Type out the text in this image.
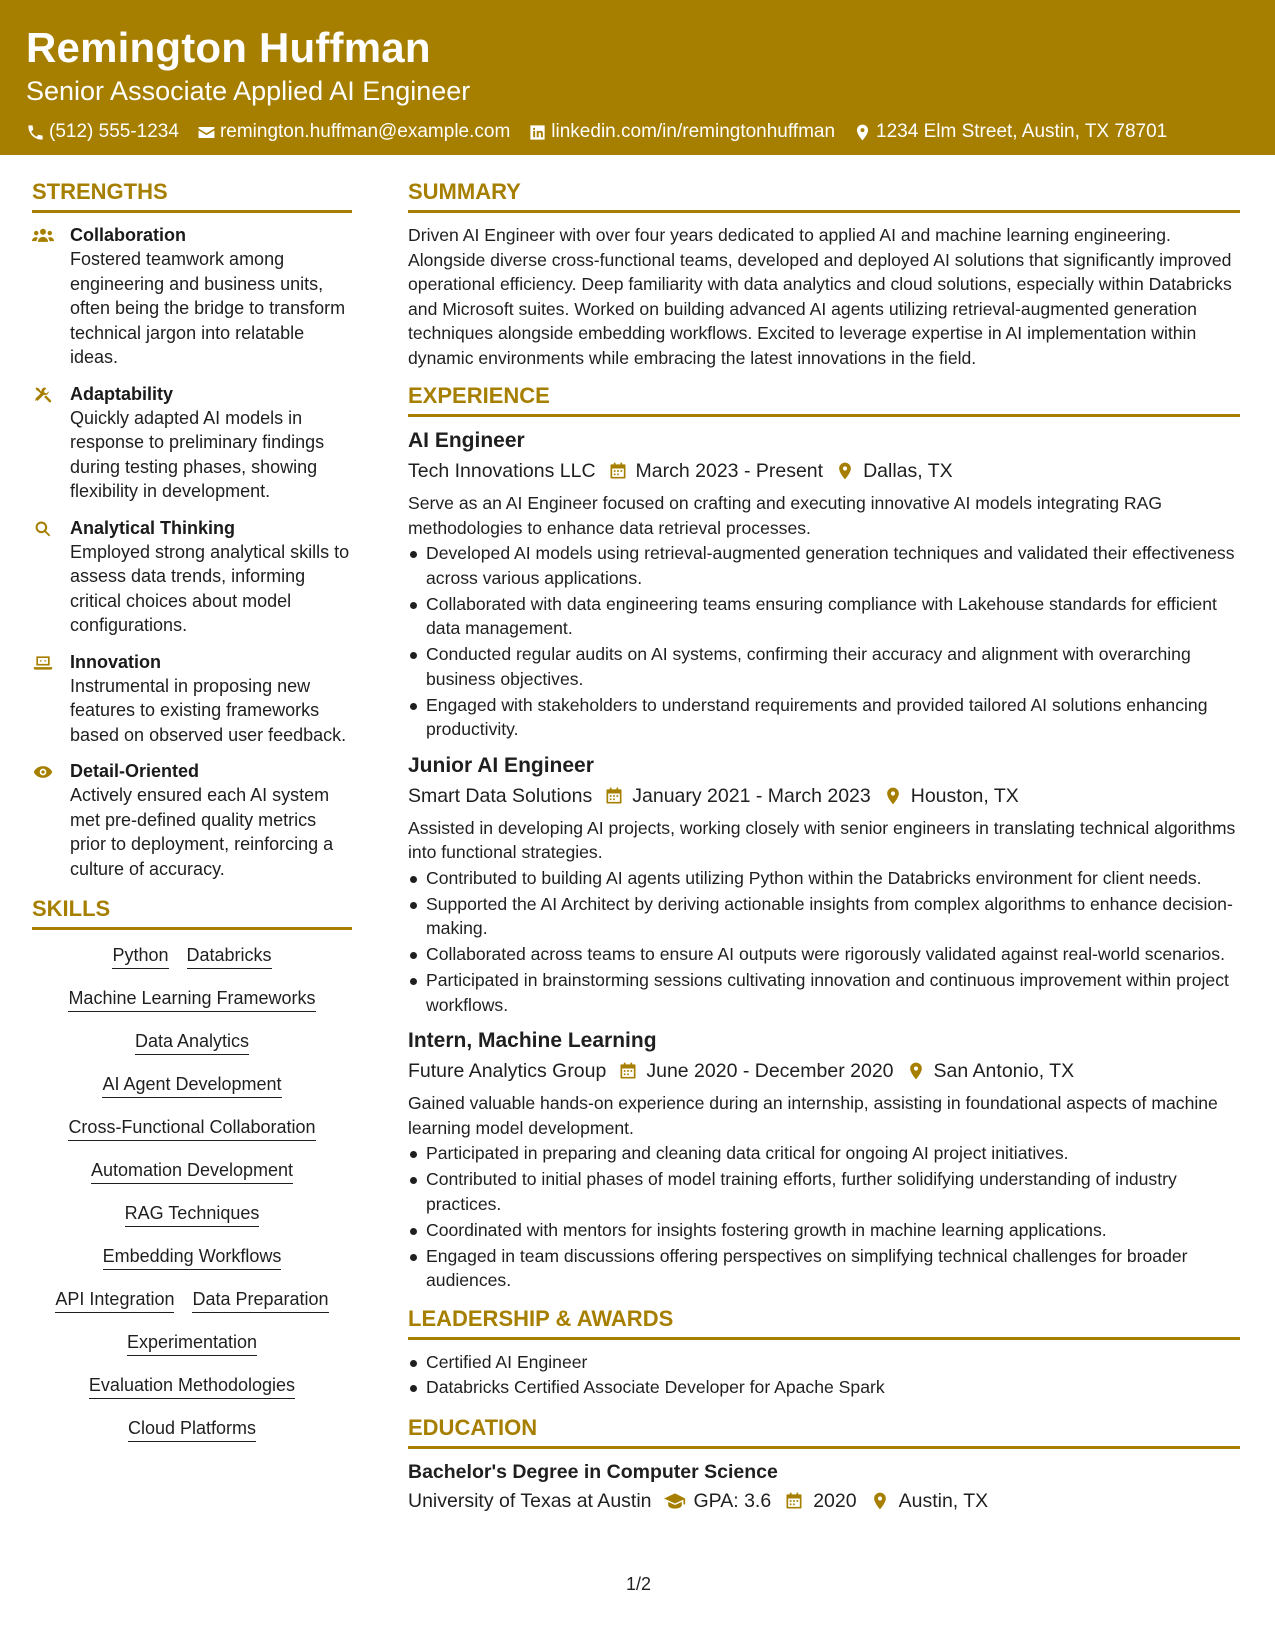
Remington Huffman
Senior Associate Applied AI Engineer
(512) 555-1234 remington.huffman@example.com linkedin.com/in/remingtonhuffman 1234 Elm Street, Austin, TX 78701
STRENGTHS
Collaboration
Fostered teamwork among engineering and business units, often being the bridge to transform technical jargon into relatable ideas.
Adaptability
Quickly adapted AI models in response to preliminary findings during testing phases, showing flexibility in development.
Analytical Thinking
Employed strong analytical skills to assess data trends, informing critical choices about model configurations.
Innovation
Instrumental in proposing new features to existing frameworks based on observed user feedback.
Detail-Oriented
Actively ensured each AI system met pre-defined quality metrics prior to deployment, reinforcing a culture of accuracy.
SKILLS
Python Databricks
Machine Learning Frameworks
Data Analytics
AI Agent Development
Cross-Functional Collaboration
Automation Development
RAG Techniques
Embedding Workflows
API Integration Data Preparation
Experimentation
Evaluation Methodologies
Cloud Platforms
SUMMARY
Driven AI Engineer with over four years dedicated to applied AI and machine learning engineering. Alongside diverse cross-functional teams, developed and deployed AI solutions that significantly improved operational efficiency. Deep familiarity with data analytics and cloud solutions, especially within Databricks and Microsoft suites. Worked on building advanced AI agents utilizing retrieval-augmented generation techniques alongside embedding workflows. Excited to leverage expertise in AI implementation within dynamic environments while embracing the latest innovations in the field.
EXPERIENCE
AI Engineer
Tech Innovations LLC March 2023 - Present Dallas, TX
Serve as an AI Engineer focused on crafting and executing innovative AI models integrating RAG methodologies to enhance data retrieval processes.
Developed AI models using retrieval-augmented generation techniques and validated their effectiveness across various applications.
Collaborated with data engineering teams ensuring compliance with Lakehouse standards for efficient data management.
Conducted regular audits on AI systems, confirming their accuracy and alignment with overarching business objectives.
Engaged with stakeholders to understand requirements and provided tailored AI solutions enhancing productivity.
Junior AI Engineer
Smart Data Solutions January 2021 - March 2023 Houston, TX
Assisted in developing AI projects, working closely with senior engineers in translating technical algorithms into functional strategies.
Contributed to building AI agents utilizing Python within the Databricks environment for client needs.
Supported the AI Architect by deriving actionable insights from complex algorithms to enhance decision-making.
Collaborated across teams to ensure AI outputs were rigorously validated against real-world scenarios.
Participated in brainstorming sessions cultivating innovation and continuous improvement within project workflows.
Intern, Machine Learning
Future Analytics Group June 2020 - December 2020 San Antonio, TX
Gained valuable hands-on experience during an internship, assisting in foundational aspects of machine learning model development.
Participated in preparing and cleaning data critical for ongoing AI project initiatives.
Contributed to initial phases of model training efforts, further solidifying understanding of industry practices.
Coordinated with mentors for insights fostering growth in machine learning applications.
Engaged in team discussions offering perspectives on simplifying technical challenges for broader audiences.
LEADERSHIP & AWARDS
Certified AI Engineer
Databricks Certified Associate Developer for Apache Spark
EDUCATION
Bachelor's Degree in Computer Science
University of Texas at Austin GPA: 3.6 2020 Austin, TX
1/2
